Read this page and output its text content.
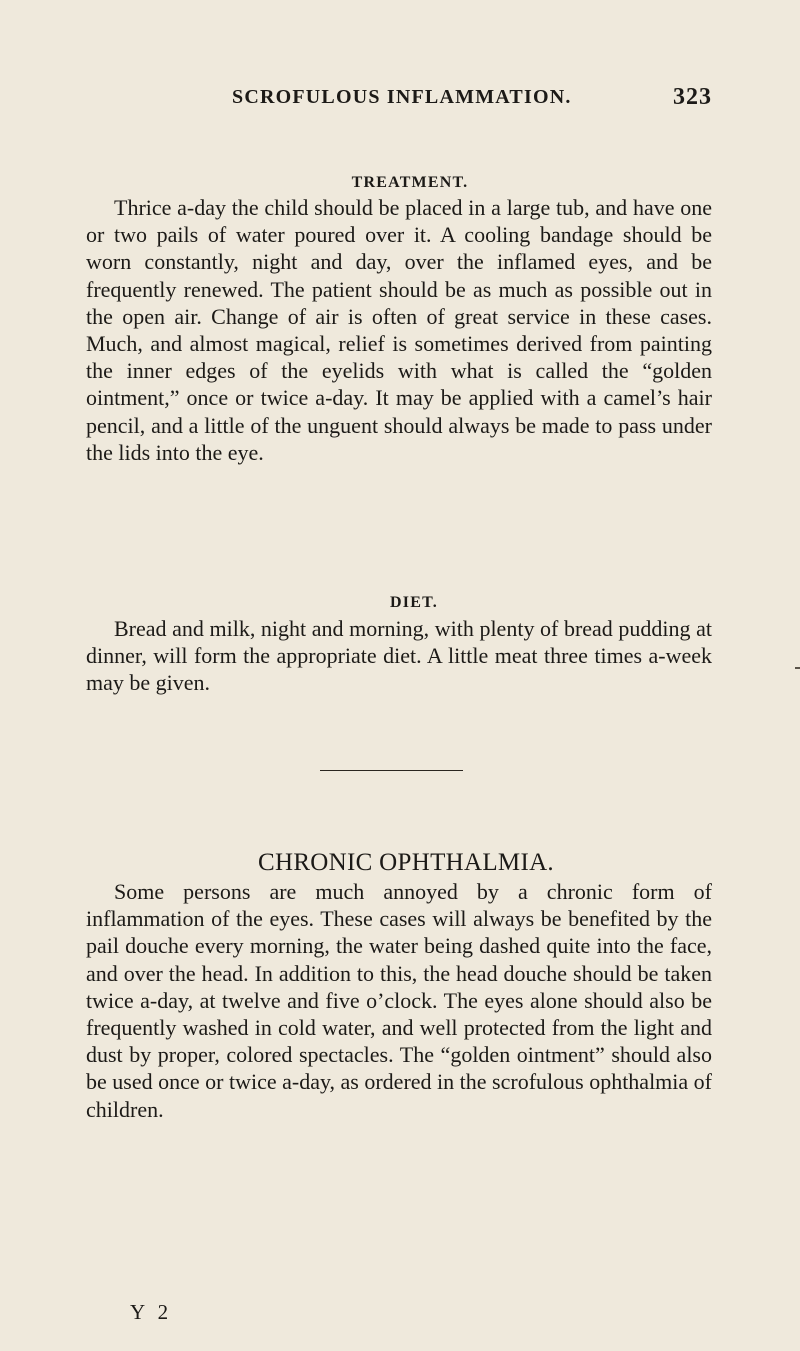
SCROFULOUS INFLAMMATION.	323
TREATMENT.

Thrice a-day the child should be placed in a large tub, and have one or two pails of water poured over it. A cooling bandage should be worn constantly, night and day, over the inflamed eyes, and be frequently renewed. The patient should be as much as possible out in the open air. Change of air is often of great service in these cases. Much, and almost magical, relief is sometimes derived from painting the inner edges of the eyelids with what is called the “golden ointment,” once or twice a-day. It may be applied with a camel’s hair pencil, and a little of the unguent should always be made to pass under the lids into the eye.

DIET.

Bread and milk, night and morning, with plenty of bread pudding at dinner, will form the appropriate diet. A little meat three times a-week may be given.

CHRONIC OPHTHALMIA.

Some persons are much annoyed by a chronic form of inflammation of the eyes. These cases will always be benefited by the pail douche every morning, the water being dashed quite into the face, and over the head. In addition to this, the head douche should be taken twice a-day, at twelve and five o’clock. The eyes alone should also be frequently washed in cold water, and well protected from the light and dust by proper, colored spectacles. The “golden ointment” should also be used once or twice a-day, as ordered in the scrofulous ophthalmia of children.

Y 2
